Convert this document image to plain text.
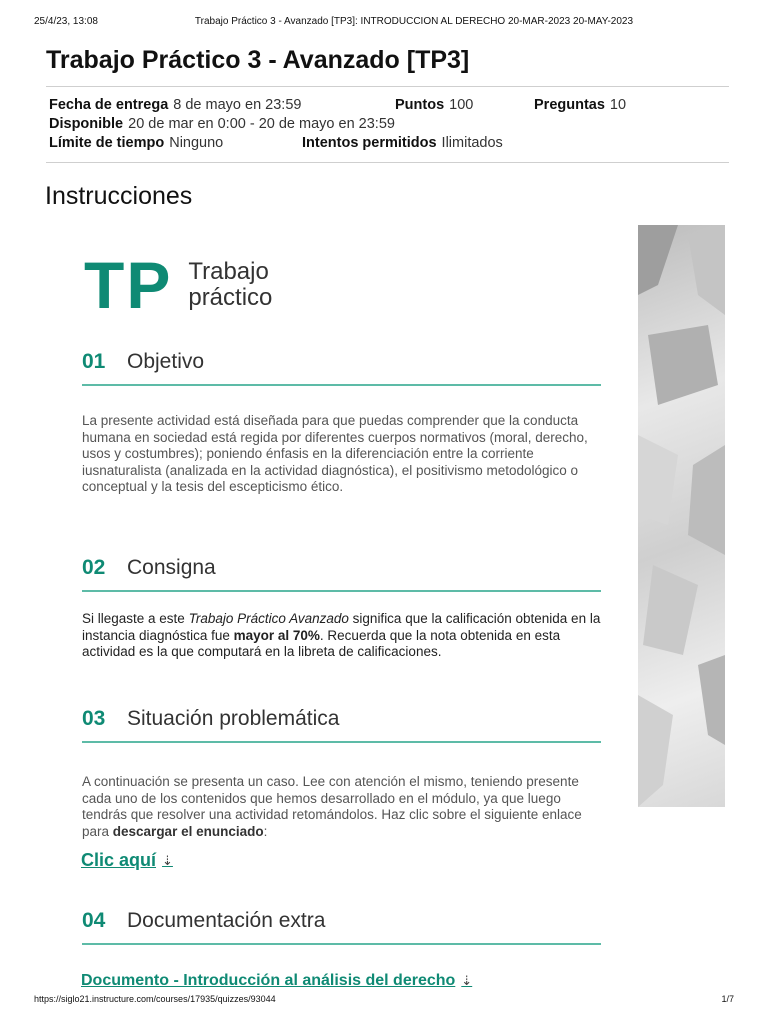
25/4/23, 13:08	Trabajo Práctico 3 - Avanzado [TP3]: INTRODUCCION AL DERECHO 20-MAR-2023 20-MAY-2023
Trabajo Práctico 3 - Avanzado [TP3]
Fecha de entrega 8 de mayo en 23:59	Puntos 100	Preguntas 10
Disponible 20 de mar en 0:00 - 20 de mayo en 23:59
Límite de tiempo Ninguno	Intentos permitidos Ilimitados
Instrucciones
TP Trabajo
práctico
01	Objetivo

La presente actividad está diseñada para que puedas comprender que la conducta humana en sociedad está regida por diferentes cuerpos normativos (moral, derecho, usos y costumbres); poniendo énfasis en la diferenciación entre la corriente iusnaturalista (analizada en la actividad diagnóstica), el positivismo metodológico o conceptual y la tesis del escepticismo ético.

02	Consigna

Si llegaste a este Trabajo Práctico Avanzado significa que la calificación obtenida en la instancia diagnóstica fue mayor al 70%. Recuerda que la nota obtenida en esta actividad es la que computará en la libreta de calificaciones.

03	Situación problemática

A continuación se presenta un caso. Lee con atención el mismo, teniendo presente cada uno de los contenidos que hemos desarrollado en el módulo, ya que luego tendrás que resolver una actividad retomándolos. Haz clic sobre el siguiente enlace para descargar el enunciado:

Clic aquí ⇣
04	Documentación extra
Documento - Introducción al análisis del derecho ⇣
https://siglo21.instructure.com/courses/17935/quizzes/93044	1/7
